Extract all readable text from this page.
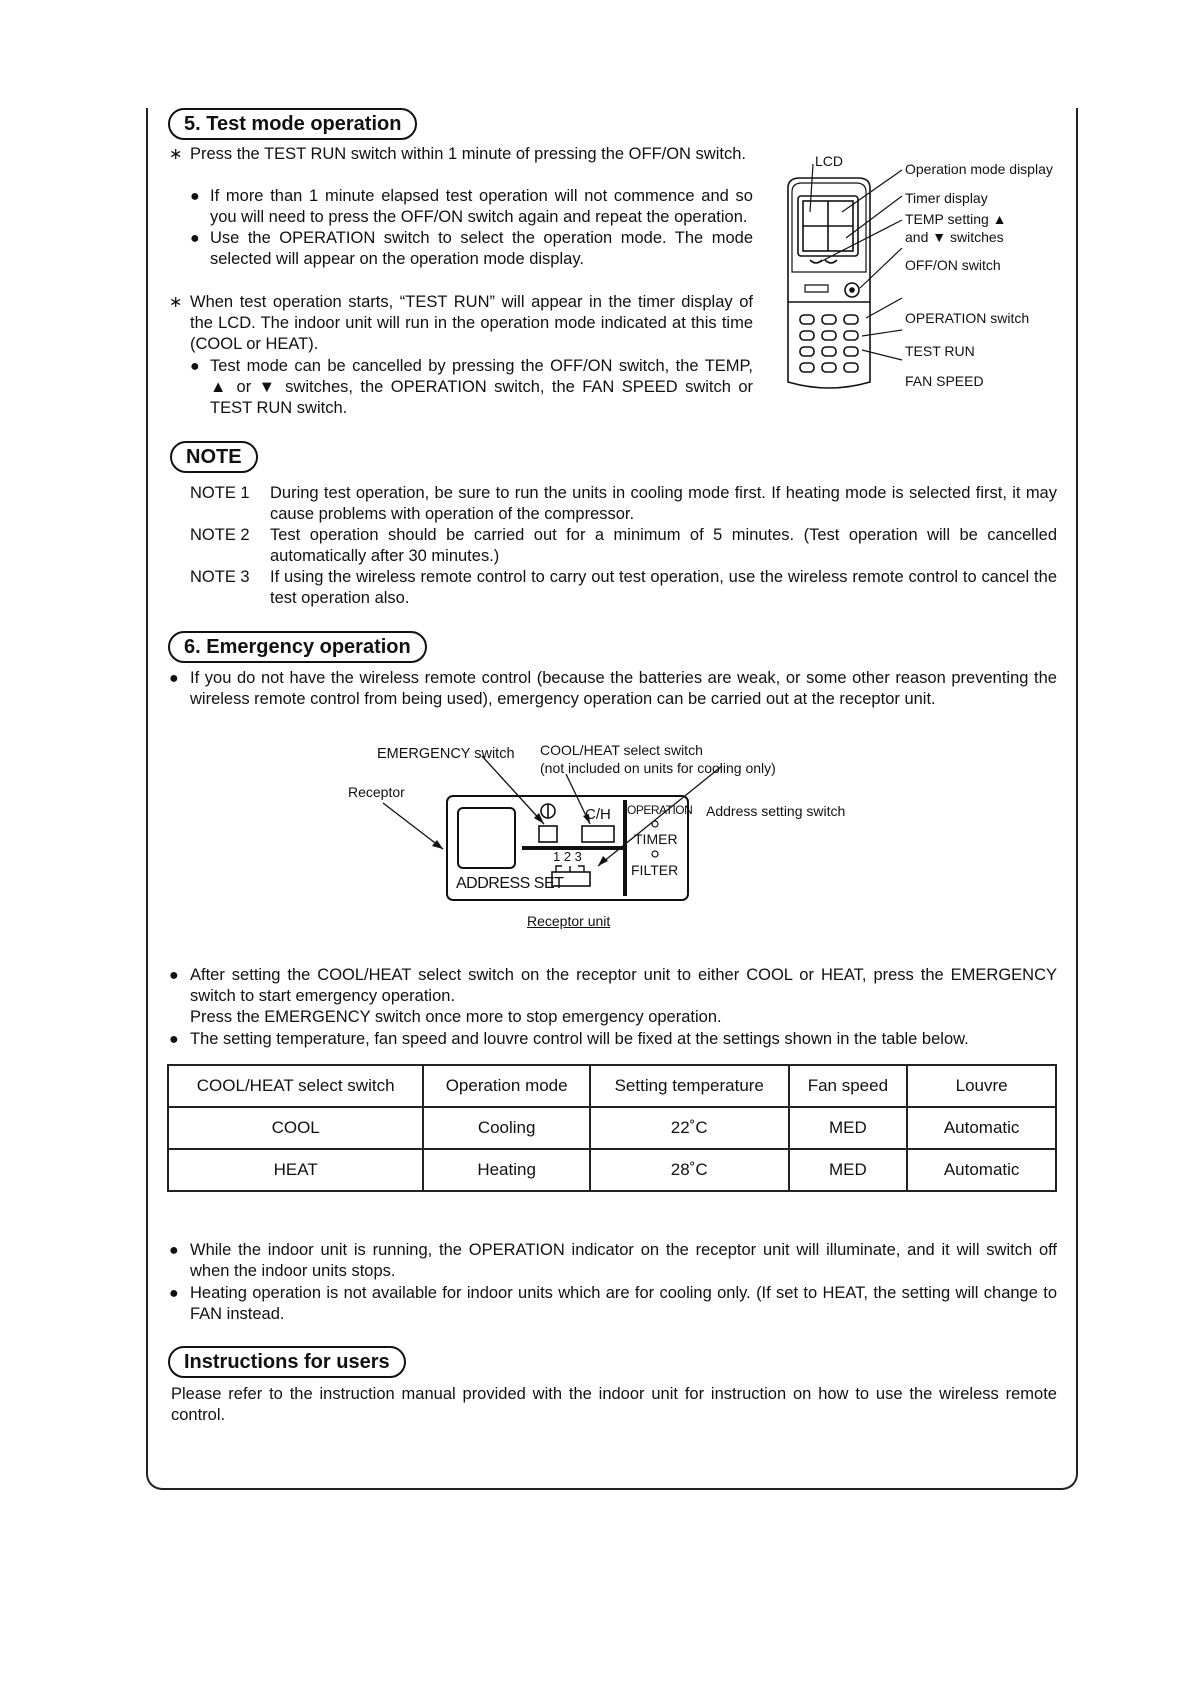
5. Test mode operation
∗ Press the TEST RUN switch within 1 minute of pressing the OFF/ON switch.
● If more than 1 minute elapsed test operation will not commence and so you will need to press the OFF/ON switch again and repeat the operation.
● Use the OPERATION switch to select the operation mode. The mode selected will appear on the operation mode display.
∗ When test operation starts, “TEST RUN” will appear in the timer display of the LCD. The indoor unit will run in the operation mode indicated at this time (COOL or HEAT).
● Test mode can be cancelled by pressing the OFF/ON switch, the TEMP, ▲ or ▼ switches, the OPERATION switch, the FAN SPEED switch or TEST RUN switch.
LCD	Operation mode display
Timer display
TEMP setting ▲
and ▼ switches
OFF/ON switch
OPERATION switch
TEST RUN
FAN SPEED
NOTE
NOTE 1 During test operation, be sure to run the units in cooling mode first. If heating mode is selected first, it may cause problems with operation of the compressor.
NOTE 2 Test operation should be carried out for a minimum of 5 minutes. (Test operation will be cancelled automatically after 30 minutes.)
NOTE 3 If using the wireless remote control to carry out test operation, use the wireless remote control to cancel the test operation also.
6. Emergency operation
● If you do not have the wireless remote control (because the batteries are weak, or some other reason preventing the wireless remote control from being used), emergency operation can be carried out at the receptor unit.
EMERGENCY switch COOL/HEAT select switch
(not included on units for cooling only)
Receptor
Address setting switch
C/H OPERATION
TIMER
FILTER
1 2 3
ADDRESS SET
Receptor unit
● After setting the COOL/HEAT select switch on the receptor unit to either COOL or HEAT, press the EMERGENCY switch to start emergency operation.
Press the EMERGENCY switch once more to stop emergency operation.
● The setting temperature, fan speed and louvre control will be fixed at the settings shown in the table below.
COOL/HEAT select switch	Operation mode	Setting temperature	Fan speed	Louvre
COOL	Cooling	22˚C	MED	Automatic
HEAT	Heating	28˚C	MED	Automatic
● While the indoor unit is running, the OPERATION indicator on the receptor unit will illuminate, and it will switch off when the indoor units stops.
● Heating operation is not available for indoor units which are for cooling only. (If set to HEAT, the setting will change to FAN instead.
Instructions for users
Please refer to the instruction manual provided with the indoor unit for instruction on how to use the wireless remote control.
